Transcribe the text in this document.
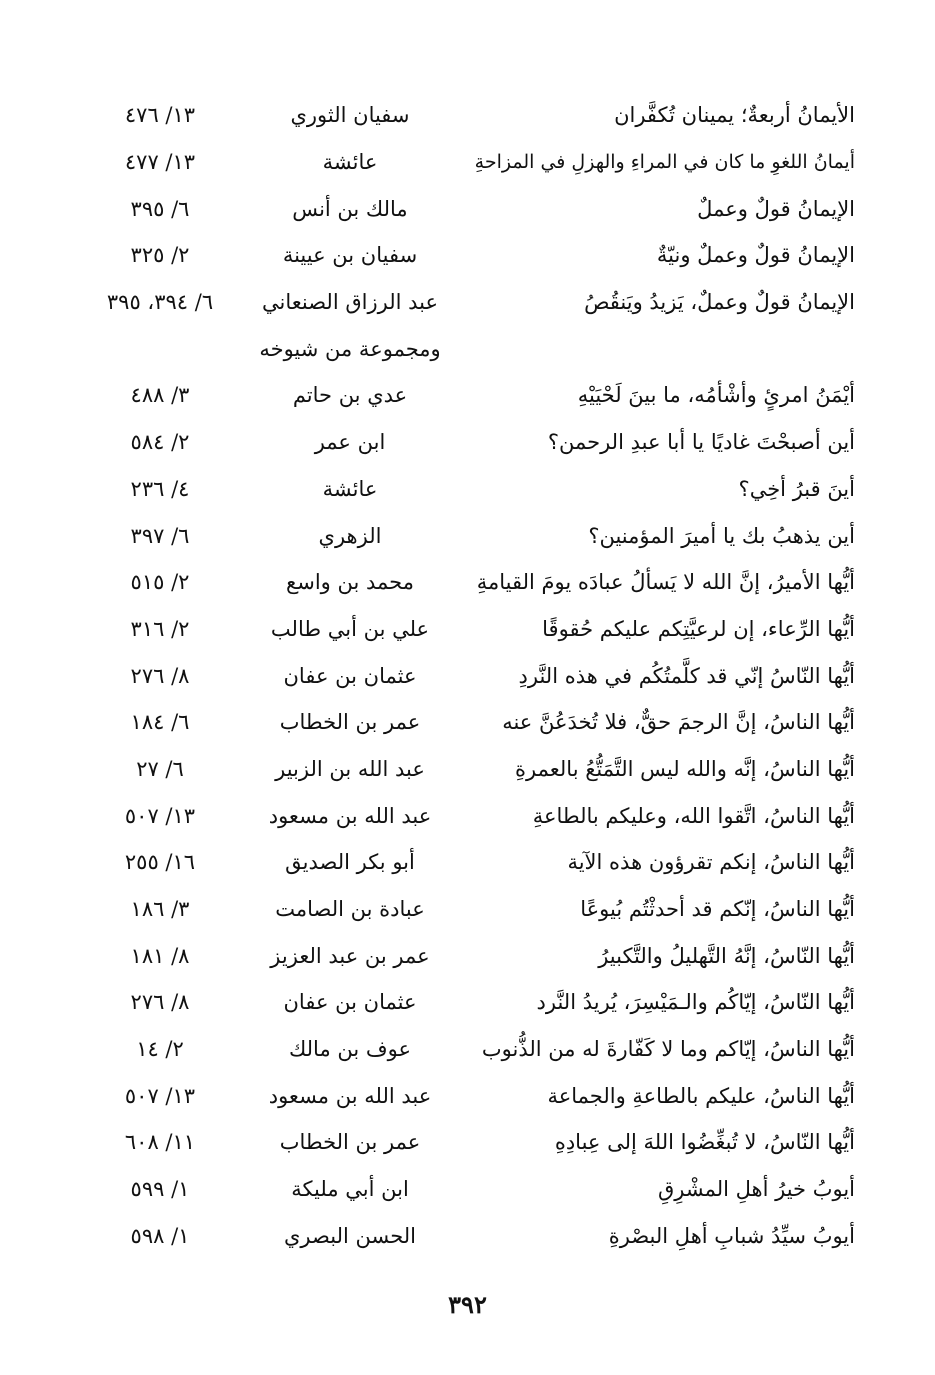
الأيمانُ أربعةٌ؛ يمينان تُكفَّران
سفيان الثوري
١٣/ ٤٧٦
أيمانُ اللغوِ ما كان في المراءِ والهزلِ في المزاحةِ
عائشة
١٣/ ٤٧٧
الإيمانُ قولٌ وعملٌ
مالك بن أنس
٦/ ٣٩٥
الإيمانُ قولٌ وعملٌ ونيّةٌ
سفيان بن عيينة
٢/ ٣٢٥
الإيمانُ قولٌ وعملٌ، يَزيدُ ويَنقُصُ
عبد الرزاق الصنعاني
٦/ ٣٩٤، ٣٩٥
ومجموعة من شيوخه
أيْمَنُ امرئٍ وأشْأمُه، ما بينَ لَحْيَيْهِ
عدي بن حاتم
٣/ ٤٨٨
أين أصبحْتَ غاديًا يا أبا عبدِ الرحمن؟
ابن عمر
٢/ ٥٨٤
أينَ قبرُ أخِي؟
عائشة
٤/ ٢٣٦
أين يذهبُ بك يا أميرَ المؤمنين؟
الزهري
٦/ ٣٩٧
أيُّها الأميرُ، إنَّ الله لا يَسألُ عبادَه يومَ القيامةِ
محمد بن واسع
٢/ ٥١٥
أيُّها الرِّعاء، إن لرعيَّتِكم عليكم حُقوقًا
علي بن أبي طالب
٢/ ٣١٦
أيُّها النّاسُ إنّي قد كلَّمتُكُم في هذه النَّردِ
عثمان بن عفان
٨/ ٢٧٦
أيُّها الناسُ، إنَّ الرجمَ حقٌّ، فلا تُخدَعُنَّ عنه
عمر بن الخطاب
٦/ ١٨٤
أيُّها الناسُ، إنَّه والله ليس التَّمَتُّعُ بالعمرةِ
عبد الله بن الزبير
٦/ ٢٧
أيُّها الناسُ، اتَّقوا الله، وعليكم بالطاعةِ
عبد الله بن مسعود
١٣/ ٥٠٧
أيُّها الناسُ، إنكم تقرؤون هذه الآية
أبو بكر الصديق
١٦/ ٢٥٥
أيُّها الناسُ، إنّكم قد أحدثْتُم بُيوعًا
عبادة بن الصامت
٣/ ١٨٦
أيُّها النّاسُ، إنَّهُ التَّهليلُ والتَّكبيرُ
عمر بن عبد العزيز
٨/ ١٨١
أيُّها النّاسُ، إيّاكُم والـمَيْسِرَ، يُريدُ النَّرد
عثمان بن عفان
٨/ ٢٧٦
أيُّها الناسُ، إيّاكم وما لا كَفّارةَ له من الذُّنوب
عوف بن مالك
٢/ ١٤
أيُّها الناسُ، عليكم بالطاعةِ والجماعة
عبد الله بن مسعود
١٣/ ٥٠٧
أيُّها النّاسُ، لا تُبغِّضُوا اللهَ إلى عِبادِهِ
عمر بن الخطاب
١١/ ٦٠٨
أيوبُ خيرُ أهلِ المشْرِقِ
ابن أبي مليكة
١/ ٥٩٩
أيوبُ سيِّدُ شبابِ أهلِ البصْرةِ
الحسن البصري
١/ ٥٩٨
٣٩٢
